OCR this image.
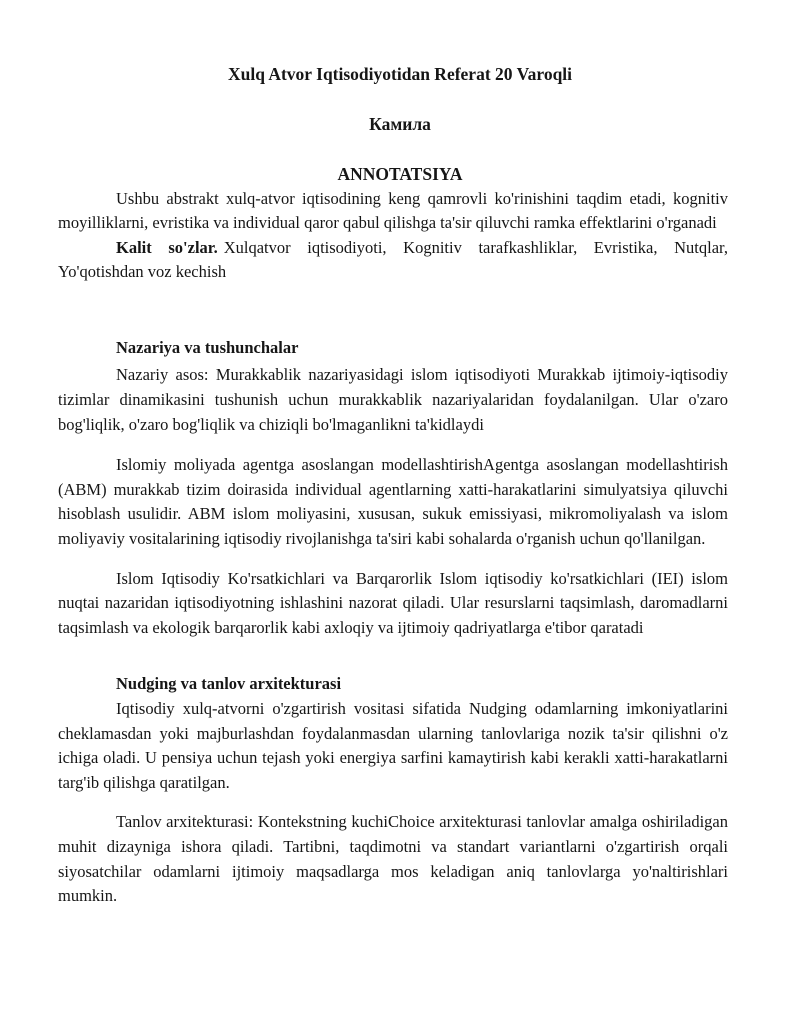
Xulq Atvor Iqtisodiyotidan Referat 20 Varoqli
Камила
ANNOTATSIYA

Ushbu abstrakt xulq-atvor iqtisodining keng qamrovli ko'rinishini taqdim etadi, kognitiv moyilliklarni, evristika va individual qaror qabul qilishga ta'sir qiluvchi ramka effektlarini o'rganadi

Kalit so'zlar. Xulqatvor iqtisodiyoti, Kognitiv tarafkashliklar, Evristika, Nutqlar, Yo'qotishdan voz kechish

Nazariya va tushunchalar

Nazariy asos: Murakkablik nazariyasidagi islom iqtisodiyoti Murakkab ijtimoiy-iqtisodiy tizimlar dinamikasini tushunish uchun murakkablik nazariyalaridan foydalanilgan. Ular o'zaro bog'liqlik, o'zaro bog'liqlik va chiziqli bo'lmaganlikni ta'kidlaydi

Islomiy moliyada agentga asoslangan modellashtirishAgentga asoslangan modellashtirish (ABM) murakkab tizim doirasida individual agentlarning xatti-harakatlarini simulyatsiya qiluvchi hisoblash usulidir. ABM islom moliyasini, xususan, sukuk emissiyasi, mikromoliyalash va islom moliyaviy vositalarining iqtisodiy rivojlanishga ta'siri kabi sohalarda o'rganish uchun qo'llanilgan.

Islom Iqtisodiy Ko'rsatkichlari va Barqarorlik Islom iqtisodiy ko'rsatkichlari (IEI) islom nuqtai nazaridan iqtisodiyotning ishlashini nazorat qiladi. Ular resurslarni taqsimlash, daromadlarni taqsimlash va ekologik barqarorlik kabi axloqiy va ijtimoiy qadriyatlarga e'tibor qaratadi

Nudging va tanlov arxitekturasi

Iqtisodiy xulq-atvorni o'zgartirish vositasi sifatida Nudging odamlarning imkoniyatlarini cheklamasdan yoki majburlashdan foydalanmasdan ularning tanlovlariga nozik ta'sir qilishni o'z ichiga oladi. U pensiya uchun tejash yoki energiya sarfini kamaytirish kabi kerakli xatti-harakatlarni targ'ib qilishga qaratilgan.

Tanlov arxitekturasi: Kontekstning kuchiChoice arxitekturasi tanlovlar amalga oshiriladigan muhit dizayniga ishora qiladi. Tartibni, taqdimotni va standart variantlarni o'zgartirish orqali siyosatchilar odamlarni ijtimoiy maqsadlarga mos keladigan aniq tanlovlarga yo'naltirishlari mumkin.
